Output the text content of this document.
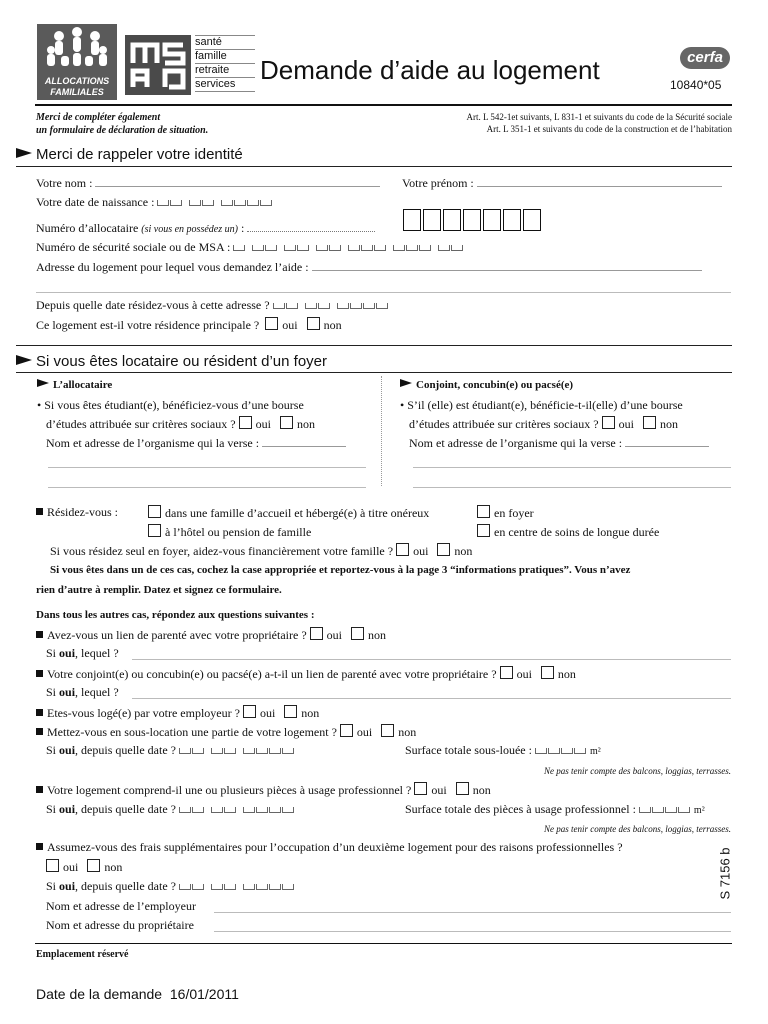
ALLOCATIONS
FAMILIALES
santé
famille
retraite
services Demande d’aide au logement	cerfa
10840*05
Merci de compléter également
un formulaire de déclaration de situation.
Art. L 542-1et suivants, L 831-1 et suivants du code de la Sécurité sociale
Art. L 351-1 et suivants du code de la construction et de l’habitation
Merci de rappeler votre identité
Votre nom :	Votre prénom :
Votre date de naissance :
Numéro d’allocataire (si vous en possédez un) :
Numéro de sécurité sociale ou de MSA :
Adresse du logement pour lequel vous demandez l’aide :
Depuis quelle date résidez-vous à cette adresse ?
Ce logement est-il votre résidence principale ? oui non
Si vous êtes locataire ou résident d’un foyer
L’allocataire
• Si vous êtes étudiant(e), bénéficiez-vous d’une bourse
d’études attribuée sur critères sociaux ? oui non
Nom et adresse de l’organisme qui la verse :
Conjoint, concubin(e) ou pacsé(e)
• S’il (elle) est étudiant(e), bénéficie-t-il(elle) d’une bourse
d’études attribuée sur critères sociaux ? oui non
Nom et adresse de l’organisme qui la verse :
Résidez-vous :	dans une famille d’accueil et hébergé(e) à titre onéreux	en foyer
à l’hôtel ou pension de famille	en centre de soins de longue durée
Si vous résidez seul en foyer, aidez-vous financièrement votre famille ? oui non
Si vous êtes dans un de ces cas, cochez la case appropriée et reportez-vous à la page 3 “informations pratiques”. Vous n’avez
rien d’autre à remplir. Datez et signez ce formulaire.
Dans tous les autres cas, répondez aux questions suivantes :
Avez-vous un lien de parenté avec votre propriétaire ? oui non
Si oui, lequel ?
Votre conjoint(e) ou concubin(e) ou pacsé(e) a-t-il un lien de parenté avec votre propriétaire ? oui non
Si oui, lequel ?
Etes-vous logé(e) par votre employeur ? oui non
Mettez-vous en sous-location une partie de votre logement ? oui non
Si oui, depuis quelle date ?	Surface totale sous-louée :	m²
Ne pas tenir compte des balcons, loggias, terrasses.
Votre logement comprend-il une ou plusieurs pièces à usage professionnel ? oui non
Si oui, depuis quelle date ?	Surface totale des pièces à usage professionnel :	m²
Ne pas tenir compte des balcons, loggias, terrasses.
Assumez-vous des frais supplémentaires pour l’occupation d’un deuxième logement pour des raisons professionnelles ?
oui non
Si oui, depuis quelle date ?
Nom et adresse de l’employeur
Nom et adresse du propriétaire
S 7156 b
Emplacement réservé
Date de la demande 16/01/2011
